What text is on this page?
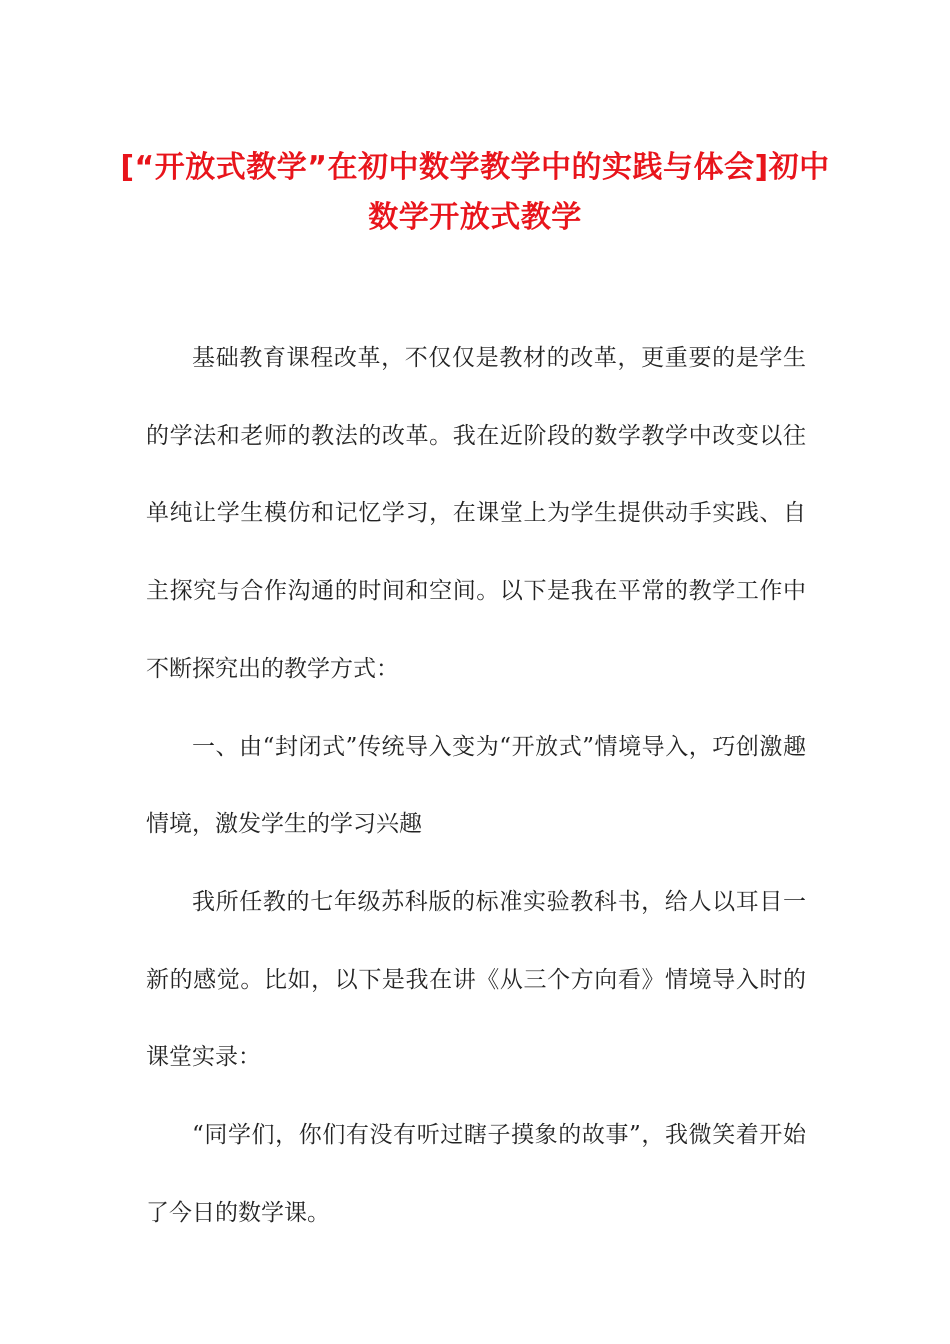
[“开放式教学”在初中数学教学中的实践与体会]初中数学开放式教学

基础教育课程改革，不仅仅是教材的改革，更重要的是学生的学法和老师的教法的改革。我在近阶段的数学教学中改变以往单纯让学生模仿和记忆学习，在课堂上为学生提供动手实践、自主探究与合作沟通的时间和空间。以下是我在平常的教学工作中不断探究出的教学方式：

一、由“封闭式”传统导入变为“开放式”情境导入，巧创激趣情境，激发学生的学习兴趣

我所任教的七年级苏科版的标准实验教科书，给人以耳目一新的感觉。比如，以下是我在讲《从三个方向看》情境导入时的课堂实录：

“同学们，你们有没有听过瞎子摸象的故事”，我微笑着开始了今日的数学课。
